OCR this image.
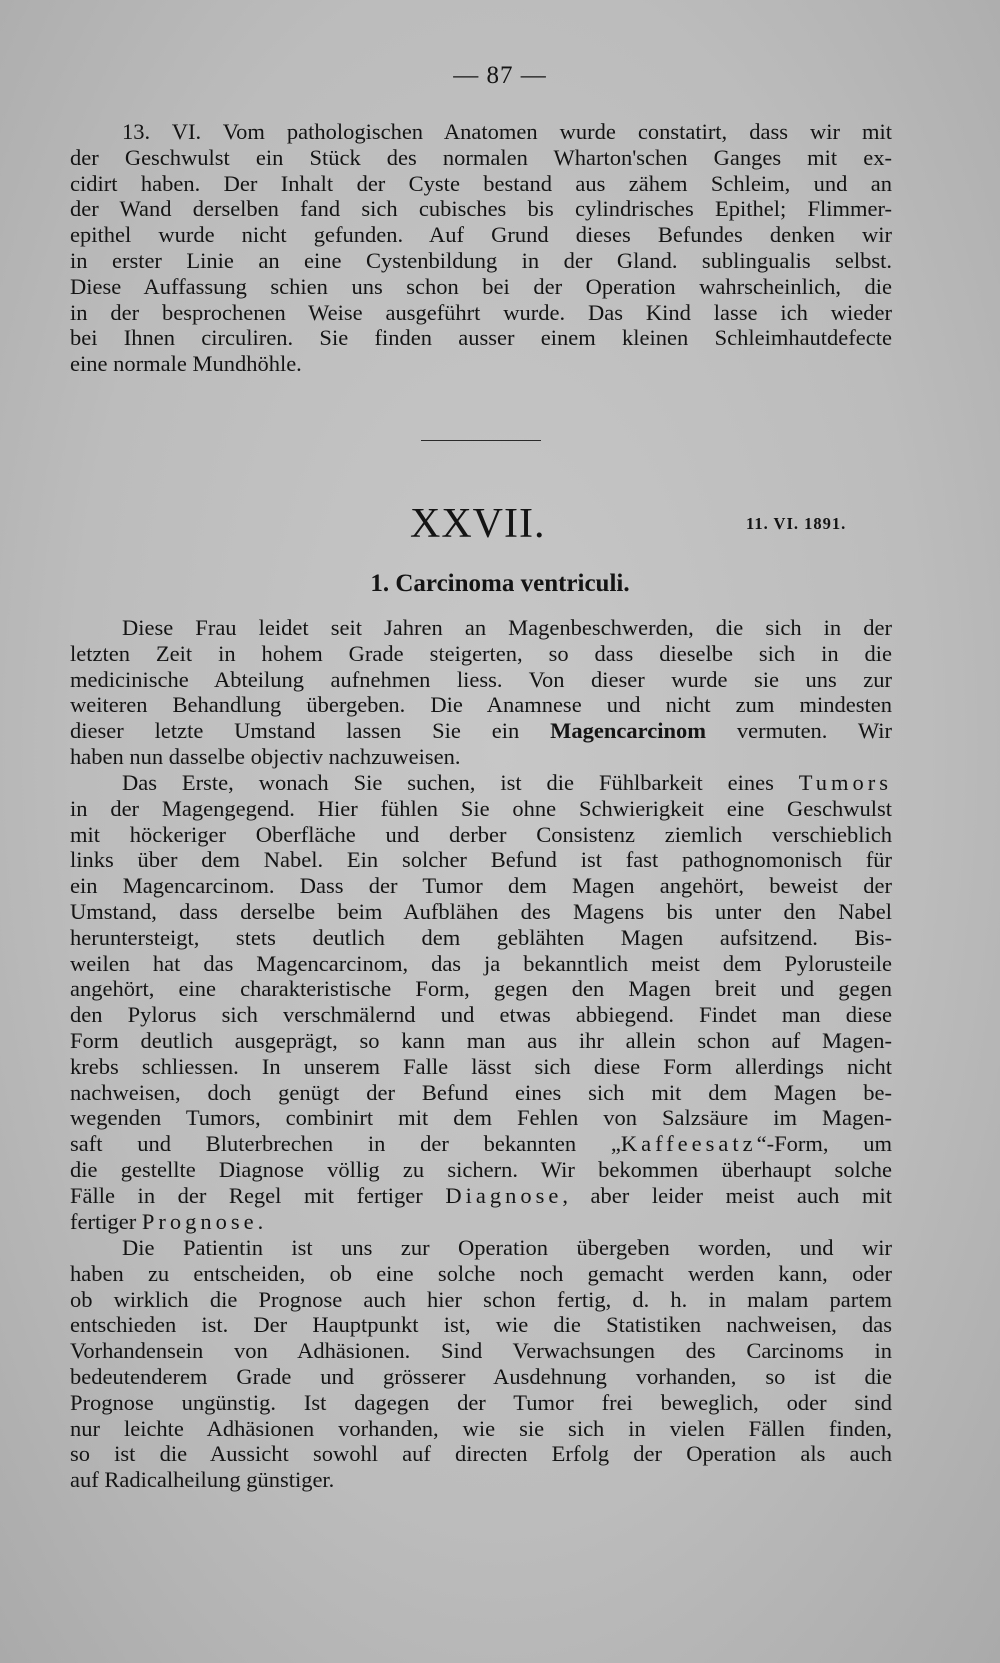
— 87 —
13. VI. Vom pathologischen Anatomen wurde constatirt, dass wir mit
der Geschwulst ein Stück des normalen Wharton'schen Ganges mit ex-
cidirt haben. Der Inhalt der Cyste bestand aus zähem Schleim, und an
der Wand derselben fand sich cubisches bis cylindrisches Epithel; Flimmer-
epithel wurde nicht gefunden. Auf Grund dieses Befundes denken wir
in erster Linie an eine Cystenbildung in der Gland. sublingualis selbst.
Diese Auffassung schien uns schon bei der Operation wahrscheinlich, die
in der besprochenen Weise ausgeführt wurde. Das Kind lasse ich wieder
bei Ihnen circuliren. Sie finden ausser einem kleinen Schleimhautdefecte
eine normale Mundhöhle.
XXVII.	11. VI. 1891.
1. Carcinoma ventriculi.
Diese Frau leidet seit Jahren an Magenbeschwerden, die sich in der
letzten Zeit in hohem Grade steigerten, so dass dieselbe sich in die
medicinische Abteilung aufnehmen liess. Von dieser wurde sie uns zur
weiteren Behandlung übergeben. Die Anamnese und nicht zum mindesten
dieser letzte Umstand lassen Sie ein Magencarcinom vermuten. Wir
haben nun dasselbe objectiv nachzuweisen.
Das Erste, wonach Sie suchen, ist die Fühlbarkeit eines Tumors
in der Magengegend. Hier fühlen Sie ohne Schwierigkeit eine Geschwulst
mit höckeriger Oberfläche und derber Consistenz ziemlich verschieblich
links über dem Nabel. Ein solcher Befund ist fast pathognomonisch für
ein Magencarcinom. Dass der Tumor dem Magen angehört, beweist der
Umstand, dass derselbe beim Aufblähen des Magens bis unter den Nabel
heruntersteigt, stets deutlich dem geblähten Magen aufsitzend. Bis-
weilen hat das Magencarcinom, das ja bekanntlich meist dem Pylorusteile
angehört, eine charakteristische Form, gegen den Magen breit und gegen
den Pylorus sich verschmälernd und etwas abbiegend. Findet man diese
Form deutlich ausgeprägt, so kann man aus ihr allein schon auf Magen-
krebs schliessen. In unserem Falle lässt sich diese Form allerdings nicht
nachweisen, doch genügt der Befund eines sich mit dem Magen be-
wegenden Tumors, combinirt mit dem Fehlen von Salzsäure im Magen-
saft und Bluterbrechen in der bekannten „Kaffeesatz“-Form, um
die gestellte Diagnose völlig zu sichern. Wir bekommen überhaupt solche
Fälle in der Regel mit fertiger Diagnose, aber leider meist auch mit
fertiger Prognose.
Die Patientin ist uns zur Operation übergeben worden, und wir
haben zu entscheiden, ob eine solche noch gemacht werden kann, oder
ob wirklich die Prognose auch hier schon fertig, d. h. in malam partem
entschieden ist. Der Hauptpunkt ist, wie die Statistiken nachweisen, das
Vorhandensein von Adhäsionen. Sind Verwachsungen des Carcinoms in
bedeutenderem Grade und grösserer Ausdehnung vorhanden, so ist die
Prognose ungünstig. Ist dagegen der Tumor frei beweglich, oder sind
nur leichte Adhäsionen vorhanden, wie sie sich in vielen Fällen finden,
so ist die Aussicht sowohl auf directen Erfolg der Operation als auch
auf Radicalheilung günstiger.
